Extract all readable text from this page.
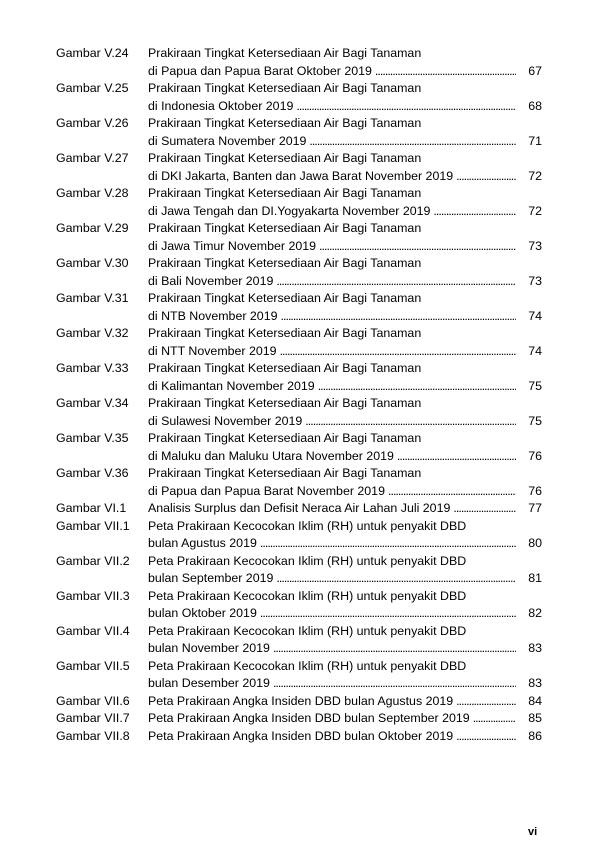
Gambar V.24	Prakiraan Tingkat Ketersediaan Air Bagi Tanaman
di Papua dan Papua Barat Oktober 2019 . . .	67
Gambar V.25	Prakiraan Tingkat Ketersediaan Air Bagi Tanaman
di Indonesia Oktober 2019 . . .	68
Gambar V.26	Prakiraan Tingkat Ketersediaan Air Bagi Tanaman
di Sumatera November 2019 . . .	71
Gambar V.27	Prakiraan Tingkat Ketersediaan Air Bagi Tanaman
di DKI Jakarta, Banten dan Jawa Barat November 2019 . . .	72
Gambar V.28	Prakiraan Tingkat Ketersediaan Air Bagi Tanaman
di Jawa Tengah dan DI.Yogyakarta November 2019 . . .	72
Gambar V.29	Prakiraan Tingkat Ketersediaan Air Bagi Tanaman
di Jawa Timur November 2019 . . .	73
Gambar V.30	Prakiraan Tingkat Ketersediaan Air Bagi Tanaman
di Bali November 2019 . . .	73
Gambar V.31	Prakiraan Tingkat Ketersediaan Air Bagi Tanaman
di NTB November 2019 . . .	74
Gambar V.32	Prakiraan Tingkat Ketersediaan Air Bagi Tanaman
di NTT November 2019 . . .	74
Gambar V.33	Prakiraan Tingkat Ketersediaan Air Bagi Tanaman
di Kalimantan November 2019 . . .	75
Gambar V.34	Prakiraan Tingkat Ketersediaan Air Bagi Tanaman
di Sulawesi November 2019 . . .	75
Gambar V.35	Prakiraan Tingkat Ketersediaan Air Bagi Tanaman
di Maluku dan Maluku Utara November 2019 . . .	76
Gambar V.36	Prakiraan Tingkat Ketersediaan Air Bagi Tanaman
di Papua dan Papua Barat November 2019 . . .	76
Gambar VI.1	Analisis Surplus dan Defisit Neraca Air Lahan Juli 2019 . . .	77
Gambar VII.1	Peta Prakiraan Kecocokan Iklim (RH) untuk penyakit DBD
bulan Agustus 2019 . . .	80
Gambar VII.2	Peta Prakiraan Kecocokan Iklim (RH) untuk penyakit DBD
bulan September 2019 . . .	81
Gambar VII.3	Peta Prakiraan Kecocokan Iklim (RH) untuk penyakit DBD
bulan Oktober 2019 . . .	82
Gambar VII.4	Peta Prakiraan Kecocokan Iklim (RH) untuk penyakit DBD
bulan November 2019 . . .	83
Gambar VII.5	Peta Prakiraan Kecocokan Iklim (RH) untuk penyakit DBD
bulan Desember 2019 . . .	83
Gambar VII.6	Peta Prakiraan Angka Insiden DBD bulan Agustus 2019 . . .	84
Gambar VII.7	Peta Prakiraan Angka Insiden DBD bulan September 2019 . . .	85
Gambar VII.8	Peta Prakiraan Angka Insiden DBD bulan Oktober 2019 . . .	86
vi
